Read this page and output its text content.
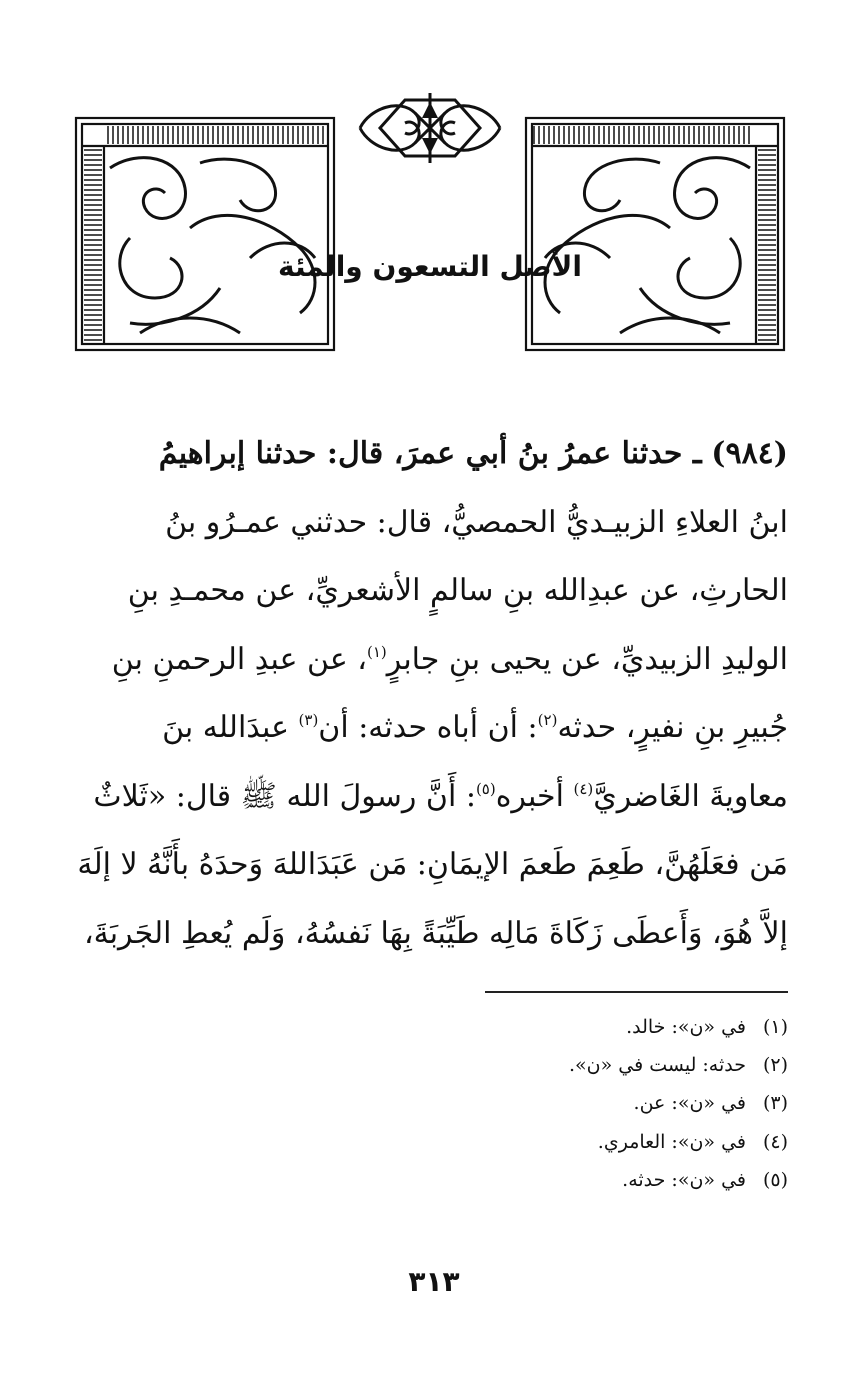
الأصل التسعون والمئة
(٩٨٤) ـ حدثنا عمرُ بنُ أبي عمرَ، قال: حدثنا إبراهيمُ
ابنُ العلاءِ الزبيـديُّ الحمصيُّ، قال: حدثني عمـرُو بنُ
الحارثِ، عن عبدِالله بنِ سالمٍ الأشعريِّ، عن محمـدِ بنِ
الوليدِ الزبيديِّ، عن يحيى بنِ جابرٍ$^{(١)}$، عن عبدِ الرحمنِ بنِ
جُبيرِ بنِ نفيرٍ، حدثه$^{(٢)}$: أن أباه حدثه: أن$^{(٣)}$ عبدَالله بنَ
معاويةَ الغَاضريَّ$^{(٤)}$ أخبره$^{(٥)}$: أَنَّ رسولَ الله ﷺ قال: «ثَلاثٌ
مَن فعَلَهُنَّ، طَعِمَ طَعمَ الإيمَانِ: مَن عَبَدَاللهَ وَحدَهُ بأَنَّهُ لا إلَهَ
إلاَّ هُوَ، وَأَعطَى زَكَاةَ مَالِه طَيِّبَةً بِهَا نَفسُهُ، وَلَم يُعطِ الجَربَةَ،
(١)
في «ن»: خالد.
(٢)
حدثه: ليست في «ن».
(٣)
في «ن»: عن.
(٤)
في «ن»: العامري.
(٥)
في «ن»: حدثه.
٣١٣
